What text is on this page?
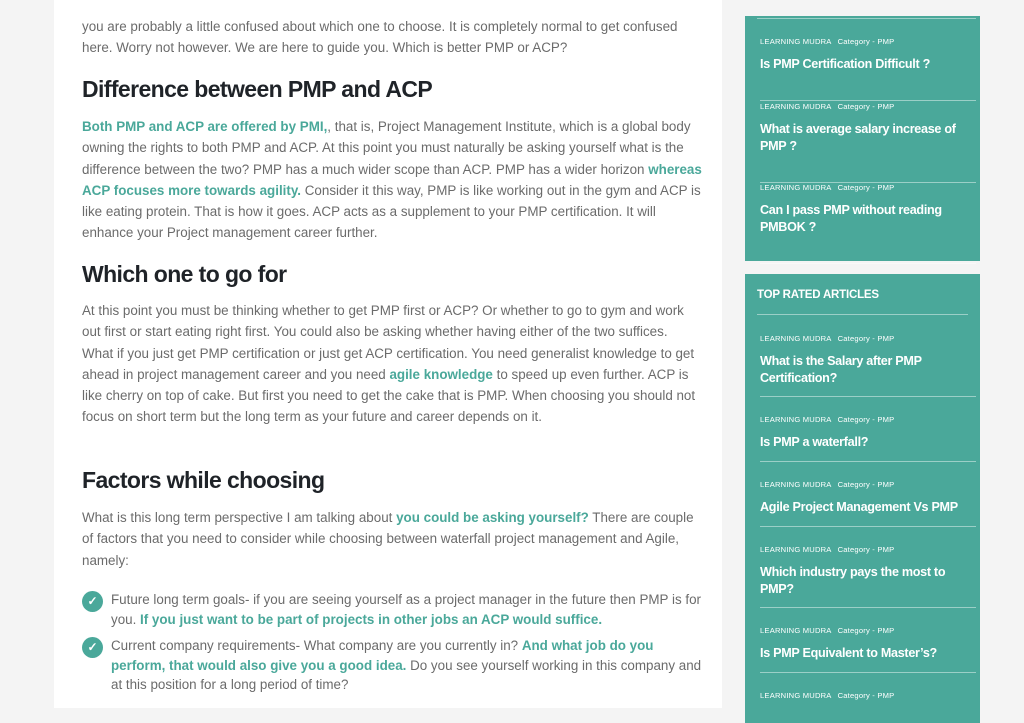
you are probably a little confused about which one to choose. It is completely normal to get confused here. Worry not however. We are here to guide you. Which is better PMP or ACP?

Difference between PMP and ACP

Both PMP and ACP are offered by PMI,, that is, Project Management Institute, which is a global body owning the rights to both PMP and ACP. At this point you must naturally be asking yourself what is the difference between the two? PMP has a much wider scope than ACP. PMP has a wider horizon whereas ACP focuses more towards agility. Consider it this way, PMP is like working out in the gym and ACP is like eating protein. That is how it goes. ACP acts as a supplement to your PMP certification. It will enhance your Project management career further.

Which one to go for

At this point you must be thinking whether to get PMP first or ACP? Or whether to go to gym and work out first or start eating right first. You could also be asking whether having either of the two suffices. What if you just get PMP certification or just get ACP certification. You need generalist knowledge to get ahead in project management career and you need agile knowledge to speed up even further. ACP is like cherry on top of cake. But first you need to get the cake that is PMP. When choosing you should not focus on short term but the long term as your future and career depends on it.

Factors while choosing

What is this long term perspective I am talking about you could be asking yourself? There are couple of factors that you need to consider while choosing between waterfall project management and Agile, namely:

✓	Future long term goals- if you are seeing yourself as a project manager in the future then PMP is for you. If you just want to be part of projects in other jobs an ACP would suffice.
✓	Current company requirements- What company are you currently in? And what job do you perform, that would also give you a good idea. Do you see yourself working in this company and at this position for a long period of time?
LEARNING MUDRA Category - PMP
Is PMP Certification Difficult ?
LEARNING MUDRA Category - PMP
What is average salary increase of PMP ?
LEARNING MUDRA Category - PMP
Can I pass PMP without reading PMBOK ?
TOP RATED ARTICLES
LEARNING MUDRA Category - PMP
What is the Salary after PMP Certification?
LEARNING MUDRA Category - PMP
Is PMP a waterfall?
LEARNING MUDRA Category - PMP
Agile Project Management Vs PMP
LEARNING MUDRA Category - PMP
Which industry pays the most to PMP?
LEARNING MUDRA Category - PMP
Is PMP Equivalent to Master’s?
LEARNING MUDRA Category - PMP
